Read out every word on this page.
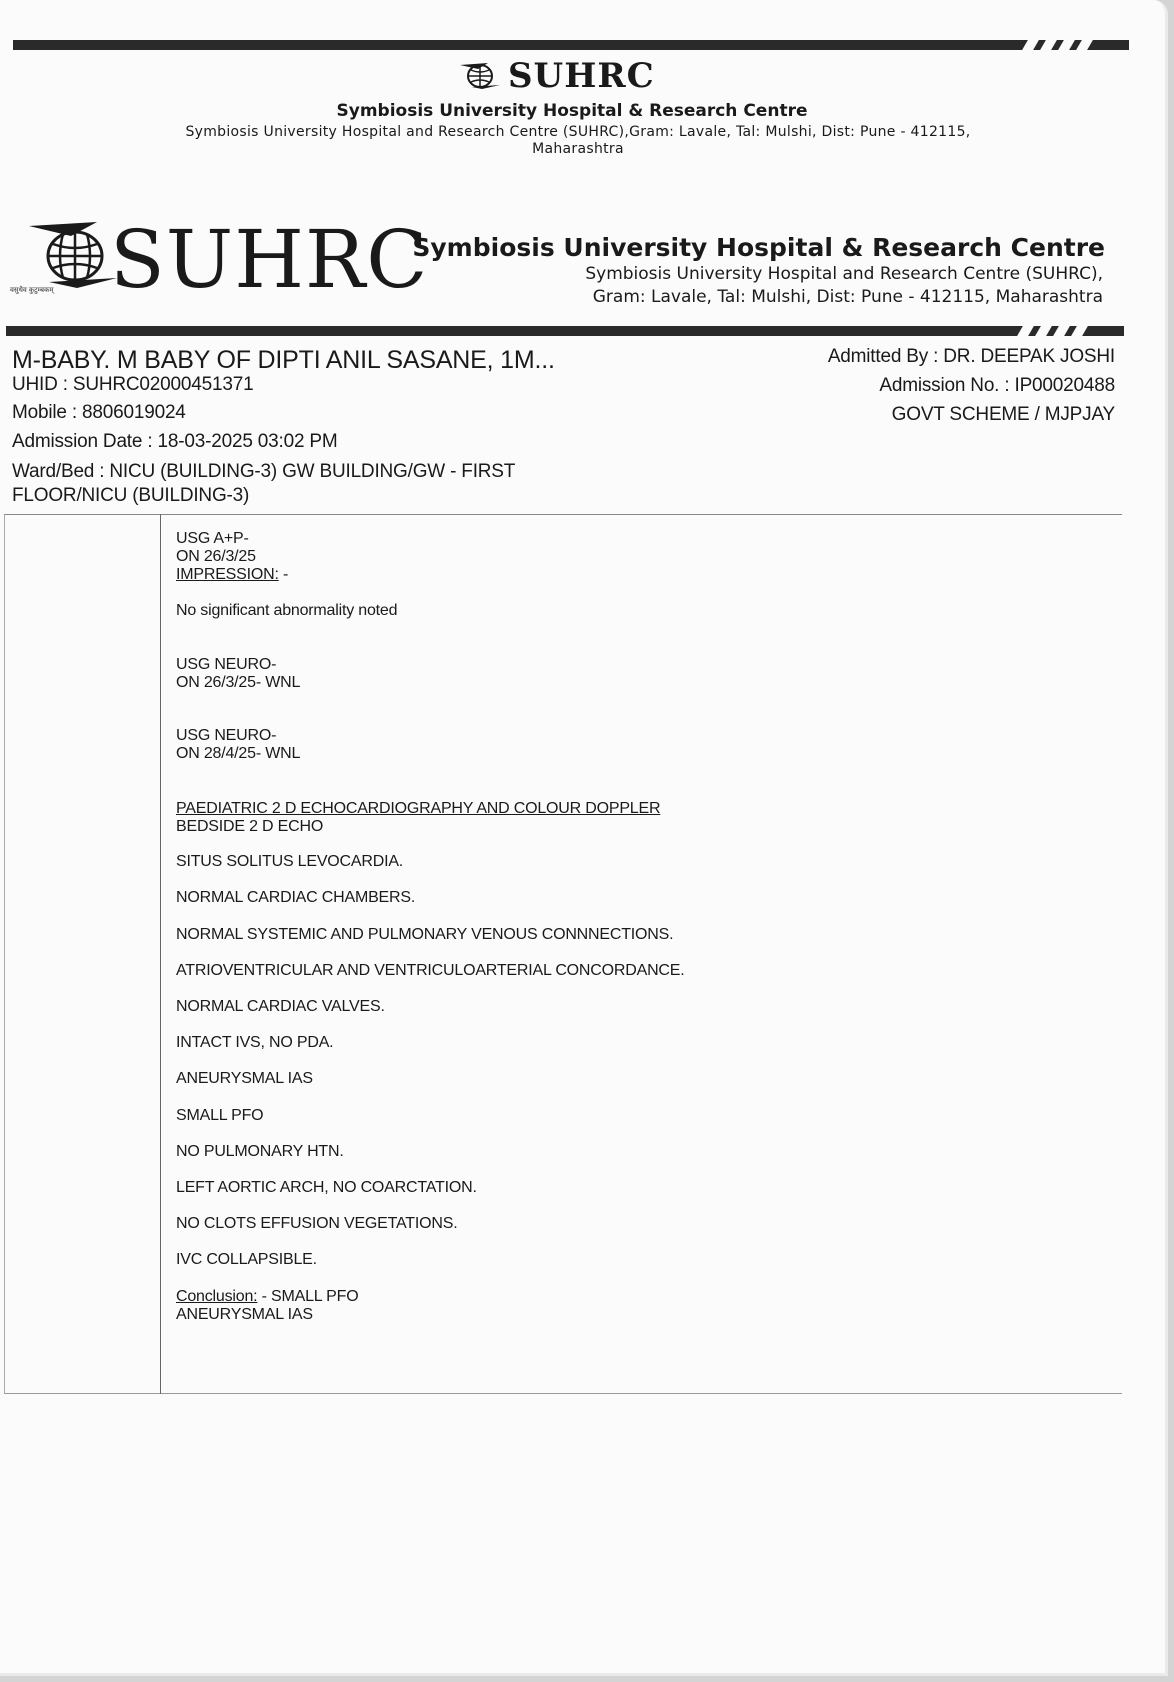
SUHRC
Symbiosis University Hospital & Research Centre
Symbiosis University Hospital and Research Centre (SUHRC),Gram: Lavale, Tal: Mulshi, Dist: Pune - 412115,
Maharashtra
वसुधैव कुटुम्बकम् SUHRC
Symbiosis University Hospital & Research Centre
Symbiosis University Hospital and Research Centre (SUHRC),
Gram: Lavale, Tal: Mulshi, Dist: Pune - 412115, Maharashtra
M-BABY. M BABY OF DIPTI ANIL SASANE, 1M...
UHID : SUHRC02000451371
Mobile : 8806019024
Admission Date : 18-03-2025 03:02 PM
Ward/Bed : NICU (BUILDING-3) GW BUILDING/GW - FIRST
FLOOR/NICU (BUILDING-3)
Admitted By : DR. DEEPAK JOSHI
Admission No. : IP00020488
GOVT SCHEME / MJPJAY
USG A+P-
ON 26/3/25
IMPRESSION: -
No significant abnormality noted
USG NEURO-
ON 26/3/25- WNL
USG NEURO-
ON 28/4/25- WNL
PAEDIATRIC 2 D ECHOCARDIOGRAPHY AND COLOUR DOPPLER
BEDSIDE 2 D ECHO
SITUS SOLITUS LEVOCARDIA.
NORMAL CARDIAC CHAMBERS.
NORMAL SYSTEMIC AND PULMONARY VENOUS CONNNECTIONS.
ATRIOVENTRICULAR AND VENTRICULOARTERIAL CONCORDANCE.
NORMAL CARDIAC VALVES.
INTACT IVS, NO PDA.
ANEURYSMAL IAS
SMALL PFO
NO PULMONARY HTN.
LEFT AORTIC ARCH, NO COARCTATION.
NO CLOTS EFFUSION VEGETATIONS.
IVC COLLAPSIBLE.
Conclusion: - SMALL PFO
ANEURYSMAL IAS
